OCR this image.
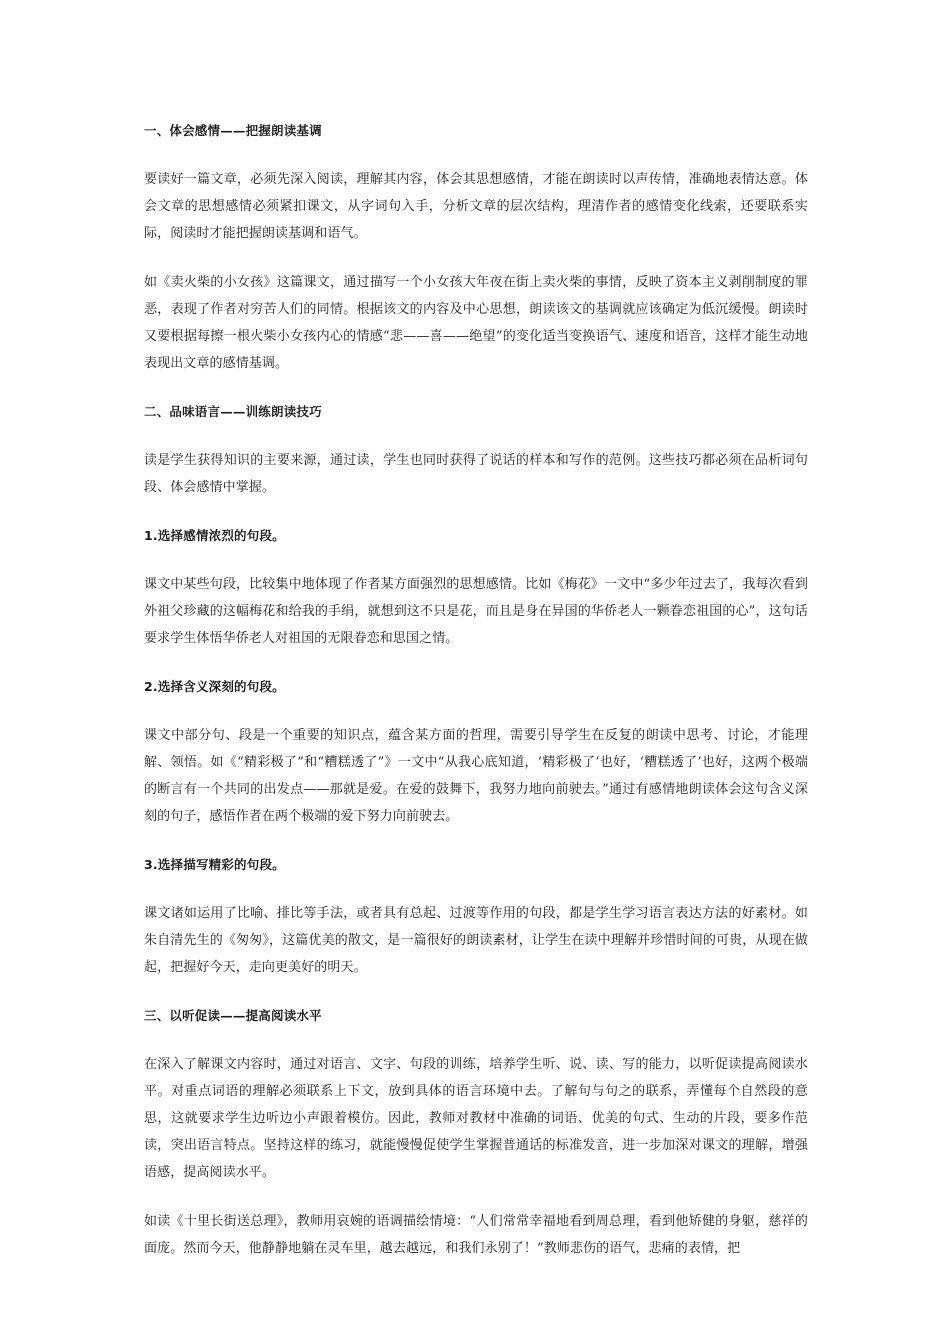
一、体会感情——把握朗读基调
要读好一篇文章，必须先深入阅读，理解其内容，体会其思想感情，才能在朗读时以声传情，准确地表情达意。体会文章的思想感情必须紧扣课文，从字词句入手，分析文章的层次结构，理清作者的感情变化线索，还要联系实际，阅读时才能把握朗读基调和语气。
如《卖火柴的小女孩》这篇课文，通过描写一个小女孩大年夜在街上卖火柴的事情，反映了资本主义剥削制度的罪恶，表现了作者对穷苦人们的同情。根据该文的内容及中心思想，朗读该文的基调就应该确定为低沉缓慢。朗读时又要根据每擦一根火柴小女孩内心的情感“悲——喜——绝望”的变化适当变换语气、速度和语音，这样才能生动地表现出文章的感情基调。
二、品味语言——训练朗读技巧
读是学生获得知识的主要来源，通过读，学生也同时获得了说话的样本和写作的范例。这些技巧都必须在品析词句段、体会感情中掌握。
1.选择感情浓烈的句段。
课文中某些句段，比较集中地体现了作者某方面强烈的思想感情。比如《梅花》一文中“多少年过去了，我每次看到外祖父珍藏的这幅梅花和给我的手绢，就想到这不只是花，而且是身在异国的华侨老人一颗眷恋祖国的心”，这句话要求学生体悟华侨老人对祖国的无限眷恋和思国之情。
2.选择含义深刻的句段。
课文中部分句、段是一个重要的知识点，蕴含某方面的哲理，需要引导学生在反复的朗读中思考、讨论，才能理解、领悟。如《“精彩极了”和“糟糕透了”》一文中“从我心底知道，‘精彩极了’也好，‘糟糕透了’也好，这两个极端的断言有一个共同的出发点——那就是爱。在爱的鼓舞下，我努力地向前驶去。”通过有感情地朗读体会这句含义深刻的句子，感悟作者在两个极端的爱下努力向前驶去。
3.选择描写精彩的句段。
课文诸如运用了比喻、排比等手法，或者具有总起、过渡等作用的句段，都是学生学习语言表达方法的好素材。如朱自清先生的《匆匆》，这篇优美的散文，是一篇很好的朗读素材，让学生在读中理解并珍惜时间的可贵，从现在做起，把握好今天，走向更美好的明天。
三、以听促读——提高阅读水平
在深入了解课文内容时，通过对语言、文字、句段的训练，培养学生听、说、读、写的能力，以听促读提高阅读水平。对重点词语的理解必须联系上下文，放到具体的语言环境中去。了解句与句之的联系，弄懂每个自然段的意思，这就要求学生边听边小声跟着模仿。因此，教师对教材中准确的词语、优美的句式、生动的片段，要多作范读，突出语言特点。坚持这样的练习，就能慢慢促使学生掌握普通话的标准发音，进一步加深对课文的理解，增强语感，提高阅读水平。
如读《十里长街送总理》，教师用哀婉的语调描绘情境：“人们常常幸福地看到周总理，看到他矫健的身躯，慈祥的面庞。然而今天，他静静地躺在灵车里，越去越远，和我们永别了！”教师悲伤的语气，悲痛的表情，把
